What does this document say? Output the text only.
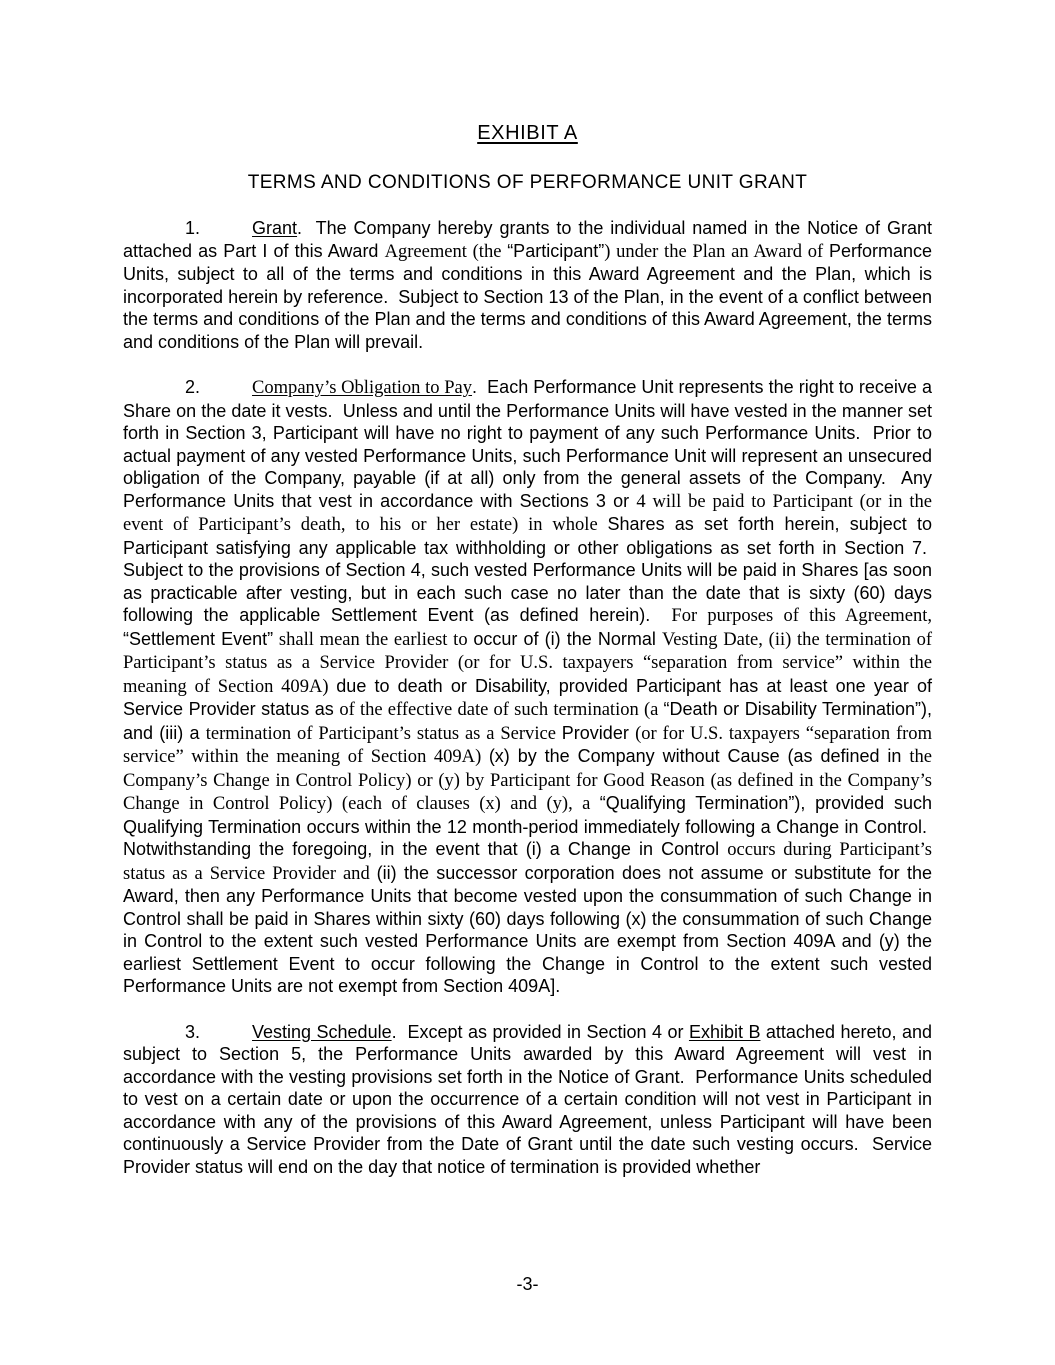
EXHIBIT A
TERMS AND CONDITIONS OF PERFORMANCE UNIT GRANT

1.	Grant.  The Company hereby grants to the individual named in the Notice of Grant attached as Part I of this Award Agreement (the “Participant”) under the Plan an Award of Performance Units, subject to all of the terms and conditions in this Award Agreement and the Plan, which is incorporated herein by reference.  Subject to Section 13 of the Plan, in the event of a conflict between the terms and conditions of the Plan and the terms and conditions of this Award Agreement, the terms and conditions of the Plan will prevail.

2.	Company’s Obligation to Pay.  Each Performance Unit represents the right to receive a Share on the date it vests.  Unless and until the Performance Units will have vested in the manner set forth in Section 3, Participant will have no right to payment of any such Performance Units.  Prior to actual payment of any vested Performance Units, such Performance Unit will represent an unsecured obligation of the Company, payable (if at all) only from the general assets of the Company.  Any Performance Units that vest in accordance with Sections 3 or 4 will be paid to Participant (or in the event of Participant’s death, to his or her estate) in whole Shares as set forth herein, subject to Participant satisfying any applicable tax withholding or other obligations as set forth in Section 7.  Subject to the provisions of Section 4, such vested Performance Units will be paid in Shares [as soon as practicable after vesting, but in each such case no later than the date that is sixty (60) days following the applicable Settlement Event (as defined herein).  For purposes of this Agreement, “Settlement Event” shall mean the earliest to occur of (i) the Normal Vesting Date, (ii) the termination of Participant’s status as a Service Provider (or for U.S. taxpayers “separation from service” within the meaning of Section 409A) due to death or Disability, provided Participant has at least one year of Service Provider status as of the effective date of such termination (a “Death or Disability Termination”), and (iii) a termination of Participant’s status as a Service Provider (or for U.S. taxpayers “separation from service” within the meaning of Section 409A) (x) by the Company without Cause (as defined in the Company’s Change in Control Policy) or (y) by Participant for Good Reason (as defined in the Company’s Change in Control Policy) (each of clauses (x) and (y), a “Qualifying Termination”), provided such Qualifying Termination occurs within the 12 month-period immediately following a Change in Control.  Notwithstanding the foregoing, in the event that (i) a Change in Control occurs during Participant’s status as a Service Provider and (ii) the successor corporation does not assume or substitute for the Award, then any Performance Units that become vested upon the consummation of such Change in Control shall be paid in Shares within sixty (60) days following (x) the consummation of such Change in Control to the extent such vested Performance Units are exempt from Section 409A and (y) the earliest Settlement Event to occur following the Change in Control to the extent such vested Performance Units are not exempt from Section 409A].

3.	Vesting Schedule.  Except as provided in Section 4 or Exhibit B attached hereto, and subject to Section 5, the Performance Units awarded by this Award Agreement will vest in accordance with the vesting provisions set forth in the Notice of Grant.  Performance Units scheduled to vest on a certain date or upon the occurrence of a certain condition will not vest in Participant in accordance with any of the provisions of this Award Agreement, unless Participant will have been continuously a Service Provider from the Date of Grant until the date such vesting occurs.  Service Provider status will end on the day that notice of termination is provided whether

-3-
